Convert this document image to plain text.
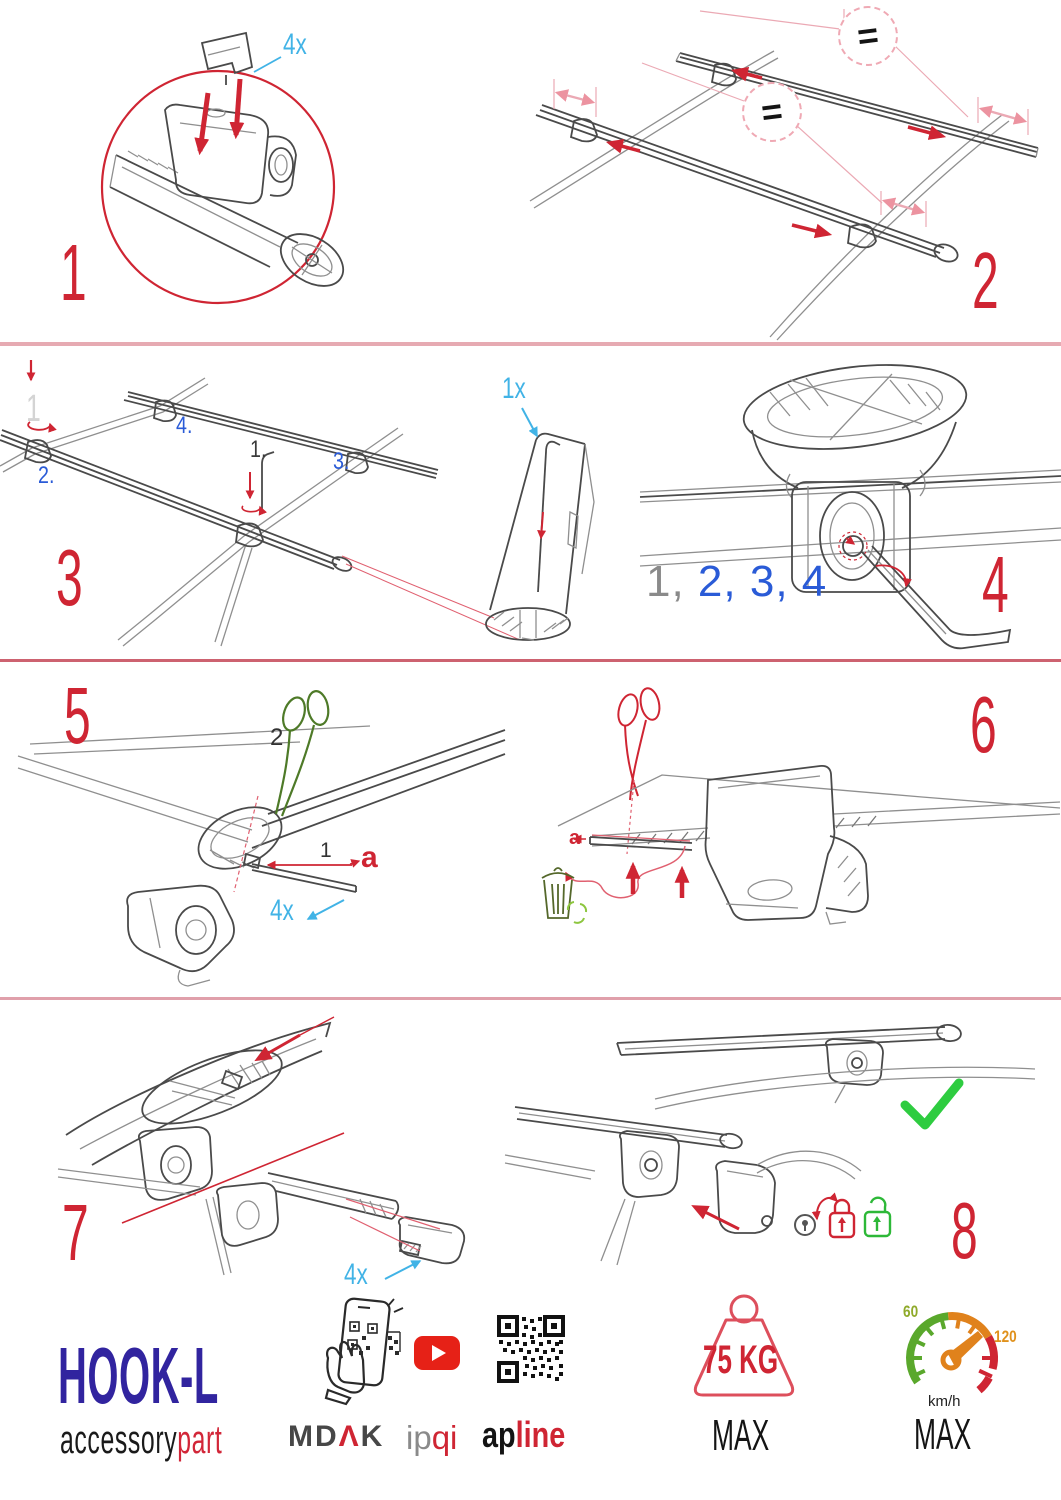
4x
1
=
=
2
1
2.
4.
3.
1.
1x
3	1, 2, 3, 4 4
5	2
1 a
4x
a
6
7	4x	8
HOOK-L
accessorypart MDΛK ipqi apline
75 KG
MAX
60
120
km/h
MAX
